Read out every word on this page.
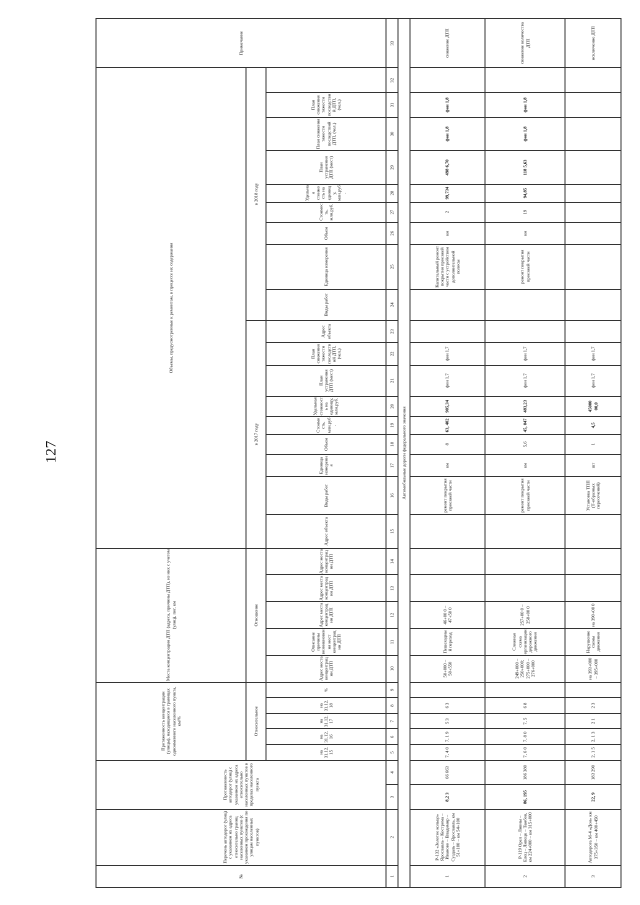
127
№	Перечень автодорог (улиц) с указанием их адреса относительно границ населенных пунктов (с указанием прохождения по улицам населенных пунктов)	Протяженность автодорог (улиц) с указанием их адреса относительно населенных пунктов в пределах населенного пункта		Протяженность концентрации (улицы), находящиеся в границах одноименного населенного пункта, км/%					Места концентрации ДТП (адреса, причины ДТП), из них с учетом (улиц), пог. км					Объемы, предусмотренные к ремонтам, в процессе их содержания																		Примечание
				Относительное					Отношение					в 2017 году									в 2018 году									
				на 31.12.15	на 31.12.16	на 31.12.17	на 31.12.18	%	Адрес места концентрации ДТП	Описание причины возникновения мест концентрации ДТП	Адрес места концентрации ДТП	Адрес места концентрации ДТП	Адрес места концентрации ДТП	Адрес объекта	Виды работ	Единица измерения	Объем	Стоимость, млн.руб.	Удельная стоимость на единицу, млн.руб.	План устранения ДТП (мест)	План снижения тяжести последствий ДТП, (чел.)	Адрес объекта	Виды работ	Единица измерения	Объем	Стоимость, млн.руб.	Удельная стоимость на единицу, млн.руб.	План устранения ДТП (мест)	План снижения тяжести последствий ДТП, (чел.)	План снижения тяжести последствий ДТП, (чел.)		
1	2	3	4	5	6	7	8	9	10	11	12	13	14	15	16	17	18	19	20	21	22	23	24	25	26	27	28	29	30	31	32	33
Автомобильные дороги федерального значения																																
1	Р-132 «Золотое кольцо» Ярославль – Кострома – Иваново – Владимир – Суздаль – Ярославль, км 51+100 – км 54+100	8,2 3	66 663	7, 4 0	7, 1 9	5 3	6 3		50+000 – 50+550	Пешеходный переход	46+00 0 – 47+50 0				ремонт покрытия проезжей части	км	8	63, 402	905,34	фон 1,7	фон 1,7			Капитальный ремонт покрытия проезжей части с устройством дополнительной полосы	км	2	99,734	498 6,70	фон 1,8	фон 1,8		снижение ДТП
2	Р-119 Орел – Ливны – Елец – Липецк – Тамбов, км 224+000 – км 315+000	86, 195	186 380	7, 6 0	7, 8 0	7, 5	6 8		249+000 – 250+000; 275+000 – 276+000	Сложная схема организации дорожного движения	257+00 0 – 258+00 0				ремонт покрытия проезжей части	км	5,6	45, 047	483,23	фон 1,7	фон 1,7			ремонт покрытия проезжей части	км	19	94,85	118 5,63	фон 1,8	фон 1,8		снижение количества ДТП
3	Автодорога М-4 «Дон» км 375+350 – км 400+450	22, 9	183 290	2, 1 5	2, 1 3	2 1	2 3		на 393+000 – 395+000	Нарушение схемы движения	на 390+00 0				Установка ТПП (Т-образных пересечений)	шт	1	4,5	45000 00,0	фон 1,7	фон 1,7											исключение ДТП
